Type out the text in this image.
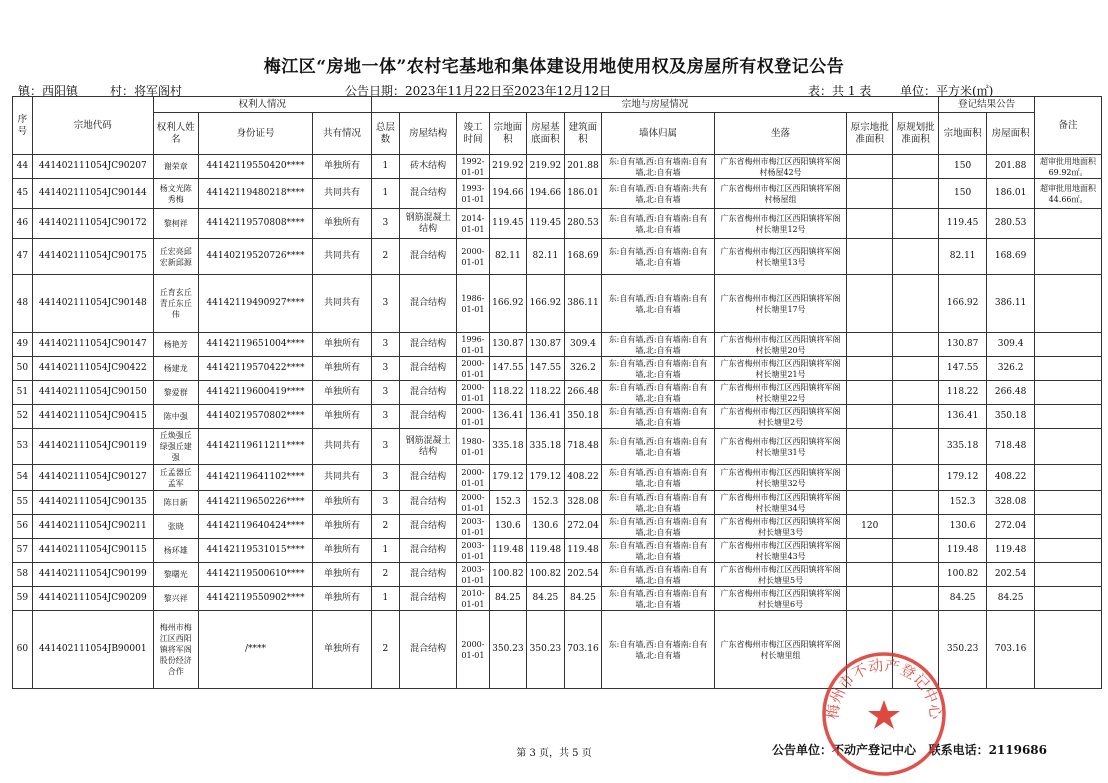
梅江区“房地一体”农村宅基地和集体建设用地使用权及房屋所有权登记公告
镇：西阳镇	村：将军阁村	公告日期：2023年11月22日至2023年12月12日	表：共 1 表 单位：平方米(㎡)
序号	宗地代码	权利人情况			宗地与房屋情况										登记结果公告		备注
		权利人姓名	身份证号	共有情况	总层数	房屋结构	竣工时间	宗地面积	房屋基底面积	建筑面积	墙体归属	坐落	原宗地批准面积	原规划批准面积	宗地面积	房屋面积	
44	441402111054JC90207	谢荣章	44142119550420****	单独所有	1	砖木结构	1992-01-01	219.92	219.92	201.88	东:自有墙,西:自有墙南:自有墙,北:自有墙	广东省梅州市梅江区西阳镇将军阁村杨屋42号			150	201.88	超审批用地面积69.92㎡。
45	441402111054JC90144	杨文光陈秀梅	44142119480218****	共同共有	1	混合结构	1993-01-01	194.66	194.66	186.01	东:自有墙,西:自有墙南:共有墙,北:自有墙	广东省梅州市梅江区西阳镇将军阁村杨屋组			150	186.01	超审批用地面积44.66㎡。
46	441402111054JC90172	黎柯祥	44142119570808****	单独所有	3	钢筋混凝土结构	2014-01-01	119.45	119.45	280.53	东:自有墙,西:自有墙南:自有墙,北:自有墙	广东省梅州市梅江区西阳镇将军阁村长塘里12号			119.45	280.53	
47	441402111054JC90175	丘宏亮邱宏新邱源	44140219520726****	共同共有	2	混合结构	2000-01-01	82.11	82.11	168.69	东:自有墙,西:自有墙南:自有墙,北:自有墙	广东省梅州市梅江区西阳镇将军阁村长塘里13号			82.11	168.69	
48	441402111054JC90148	丘育玄丘青丘东丘伟	44142119490927****	共同共有	3	混合结构	1986-01-01	166.92	166.92	386.11	东:自有墙,西:自有墙南:自有墙,北:自有墙	广东省梅州市梅江区西阳镇将军阁村长塘里17号			166.92	386.11	
49	441402111054JC90147	杨艳芳	44142119651004****	单独所有	3	混合结构	1996-01-01	130.87	130.87	309.4	东:自有墙,西:自有墙南:自有墙,北:自有墙	广东省梅州市梅江区西阳镇将军阁村长塘里20号			130.87	309.4	
50	441402111054JC90422	杨建龙	44142119570422****	单独所有	3	混合结构	2000-01-01	147.55	147.55	326.2	东:自有墙,西:自有墙南:自有墙,北:自有墙	广东省梅州市梅江区西阳镇将军阁村长塘里21号			147.55	326.2	
51	441402111054JC90150	黎爱群	44142119600419****	单独所有	3	混合结构	2000-01-01	118.22	118.22	266.48	东:自有墙,西:自有墙南:自有墙,北:自有墙	广东省梅州市梅江区西阳镇将军阁村长塘里22号			118.22	266.48	
52	441402111054JC90415	陈中强	44140219570802****	单独所有	3	混合结构	2000-01-01	136.41	136.41	350.18	东:自有墙,西:自有墙南:自有墙,北:自有墙	广东省梅州市梅江区西阳镇将军阁村长塘里2号			136.41	350.18	
53	441402111054JC90119	丘焕强丘绿强丘建强	44142119611211****	共同共有	3	钢筋混凝土结构	1980-01-01	335.18	335.18	718.48	东:自有墙,西:自有墙南:自有墙,北:自有墙	广东省梅州市梅江区西阳镇将军阁村长塘里31号			335.18	718.48	
54	441402111054JC90127	丘孟器丘孟军	44142119641102****	共同共有	3	混合结构	2000-01-01	179.12	179.12	408.22	东:自有墙,西:自有墙南:自有墙,北:自有墙	广东省梅州市梅江区西阳镇将军阁村长塘里32号			179.12	408.22	
55	441402111054JC90135	陈日新	44142119650226****	单独所有	3	混合结构	2000-01-01	152.3	152.3	328.08	东:自有墙,西:自有墙南:自有墙,北:自有墙	广东省梅州市梅江区西阳镇将军阁村长塘里34号			152.3	328.08	
56	441402111054JC90211	张晓	44142119640424****	单独所有	2	混合结构	2003-01-01	130.6	130.6	272.04	东:自有墙,西:自有墙南:自有墙,北:自有墙	广东省梅州市梅江区西阳镇将军阁村长塘里3号	120		130.6	272.04	
57	441402111054JC90115	杨环雄	44142119531015****	单独所有	1	混合结构	2003-01-01	119.48	119.48	119.48	东:自有墙,西:自有墙南:自有墙,北:自有墙	广东省梅州市梅江区西阳镇将军阁村长塘里43号			119.48	119.48	
58	441402111054JC90199	黎曙光	44142119500610****	单独所有	2	混合结构	2003-01-01	100.82	100.82	202.54	东:自有墙,西:自有墙南:自有墙,北:自有墙	广东省梅州市梅江区西阳镇将军阁村长塘里5号			100.82	202.54	
59	441402111054JC90209	黎兴祥	44142119550902****	单独所有	1	混合结构	2010-01-01	84.25	84.25	84.25	东:自有墙,西:自有墙南:自有墙,北:自有墙	广东省梅州市梅江区西阳镇将军阁村长塘里6号			84.25	84.25	
60	441402111054JB90001	梅州市梅江区西阳镇将军阁股份经济合作	/****	单独所有	2	混合结构	2000-01-01	350.23	350.23	703.16	东:自有墙,西:自有墙南:自有墙,北:自有墙	广东省梅州市梅江区西阳镇将军阁村长塘里组			350.23	703.16	
第 3 页，共 5 页	公告单位：不动产登记中心 联系电话：2119686
梅州市不动产登记中心
